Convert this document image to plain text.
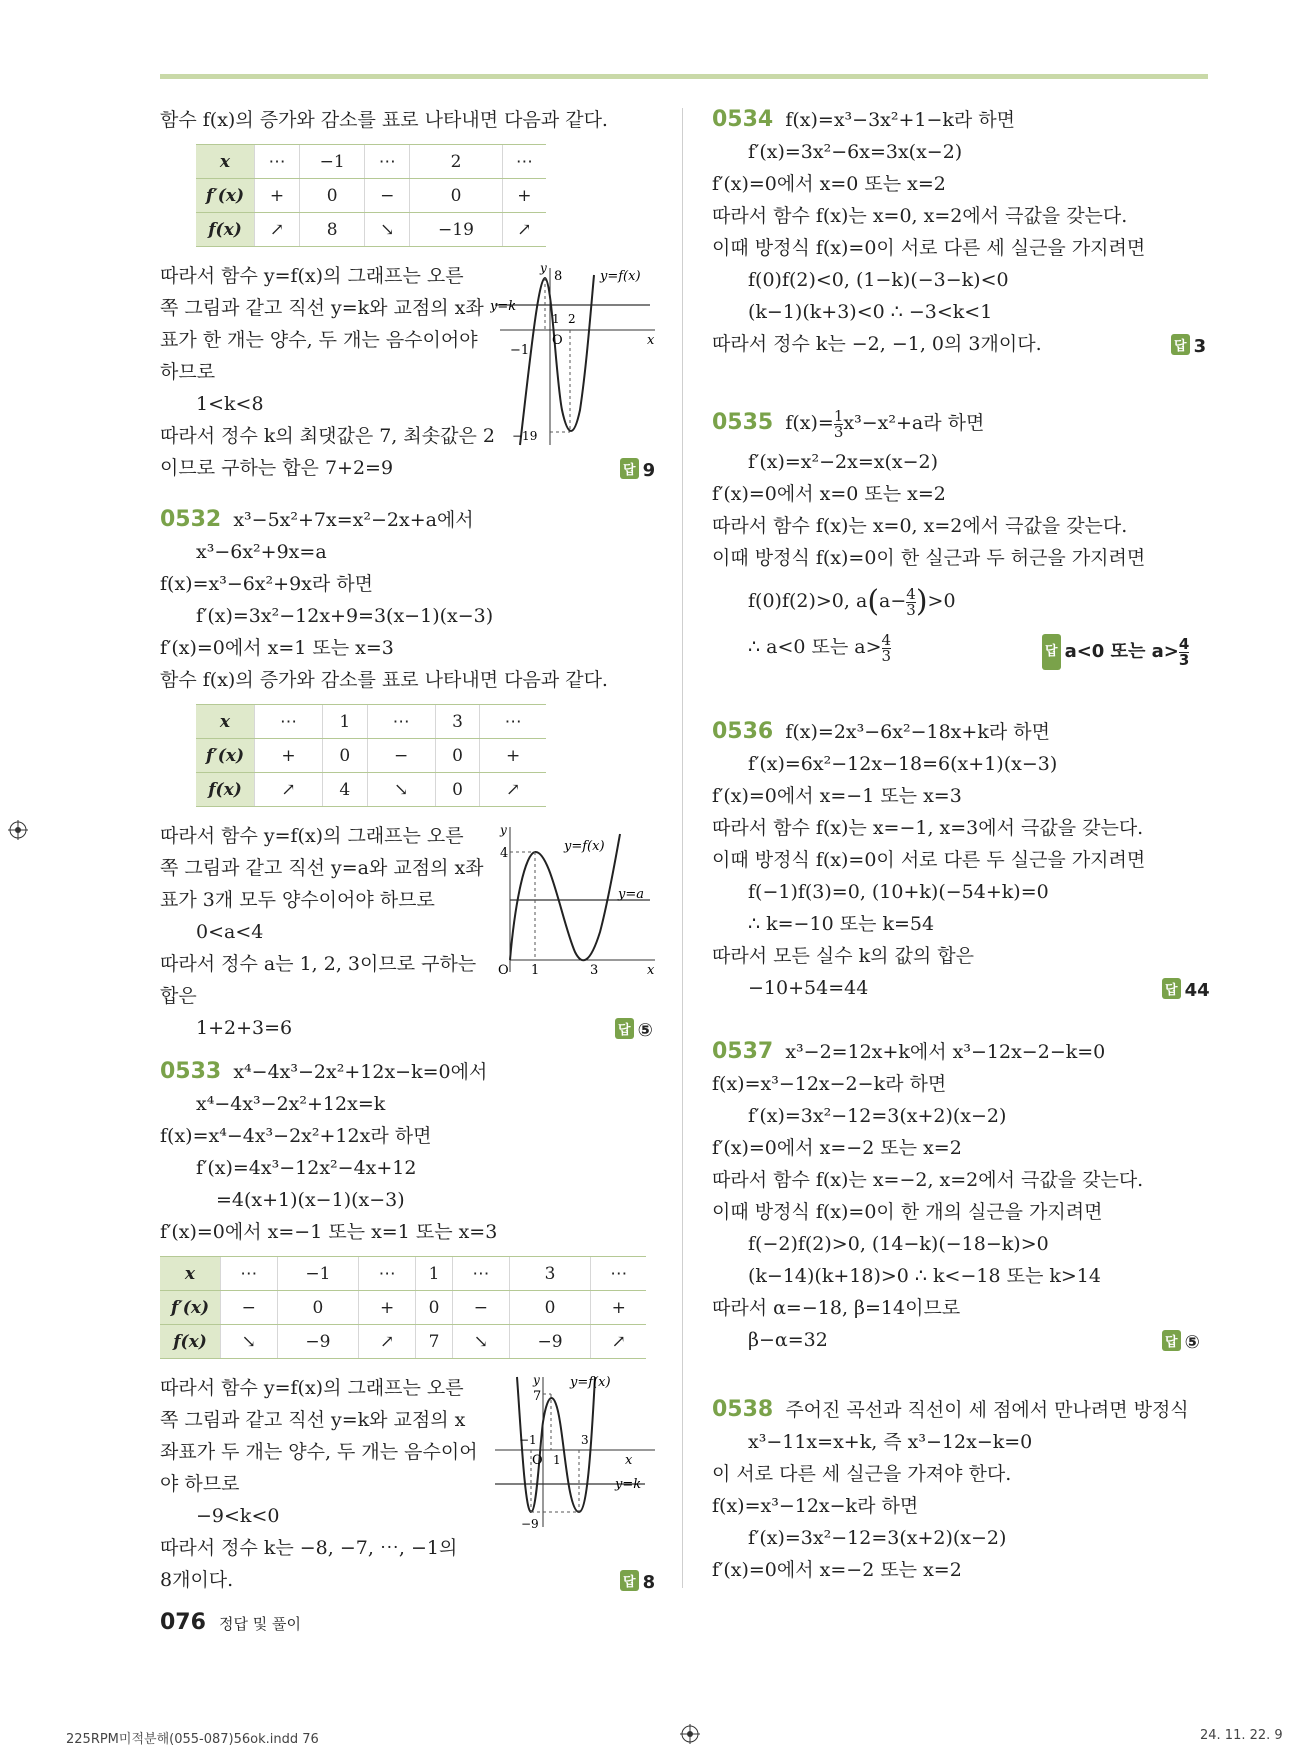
함수 f(x)의 증가와 감소를 표로 나타내면 다음과 같다.
x	⋯	−1	⋯	2	⋯
f′(x)	+	0	−	0	+
f(x)	↗	8	↘	−19	↗
따라서 함수 y=f(x)의 그래프는 오른
쪽 그림과 같고 직선 y=k와 교점의 x좌
표가 한 개는 양수, 두 개는 음수이어야
하므로
1<k<8
따라서 정수 k의 최댓값은 7, 최솟값은 2
이므로 구하는 합은 7+2=9	답 9
8	y=f(x)
y=k
1 2
O	x
y
−1
−19
0532 x³−5x²+7x=x²−2x+a에서
x³−6x²+9x=a
f(x)=x³−6x²+9x라 하면
f′(x)=3x²−12x+9=3(x−1)(x−3)
f′(x)=0에서 x=1 또는 x=3
함수 f(x)의 증가와 감소를 표로 나타내면 다음과 같다.
x	⋯	1	⋯	3	⋯
f′(x)	+	0	−	0	+
f(x)	↗	4	↘	0	↗
따라서 함수 y=f(x)의 그래프는 오른
쪽 그림과 같고 직선 y=a와 교점의 x좌
표가 3개 모두 양수이어야 하므로
0<a<4
따라서 정수 a는 1, 2, 3이므로 구하는
합은
1+2+3=6	답 ⑤
4
y
y=f(x)
y=a
O 1	3	x
0533 x⁴−4x³−2x²+12x−k=0에서
x⁴−4x³−2x²+12x=k
f(x)=x⁴−4x³−2x²+12x라 하면
f′(x)=4x³−12x²−4x+12
=4(x+1)(x−1)(x−3)
f′(x)=0에서 x=−1 또는 x=1 또는 x=3
x	⋯	−1	⋯	1	⋯	3	⋯
f′(x)	−	0	+	0	−	0	+
f(x)	↘	−9	↗	7	↘	−9	↗
따라서 함수 y=f(x)의 그래프는 오른
쪽 그림과 같고 직선 y=k와 교점의 x
좌표가 두 개는 양수, 두 개는 음수이어
야 하므로
−9<k<0
따라서 정수 k는 −8, −7, ⋯, −1의
8개이다.	답 8
y y=f(x)
7
−1
O 1
3
x
y=k
−9
0534 f(x)=x³−3x²+1−k라 하면
f′(x)=3x²−6x=3x(x−2)
f′(x)=0에서 x=0 또는 x=2
따라서 함수 f(x)는 x=0, x=2에서 극값을 갖는다.
이때 방정식 f(x)=0이 서로 다른 세 실근을 가지려면
f(0)f(2)<0, (1−k)(−3−k)<0
(k−1)(k+3)<0 ∴ −3<k<1
따라서 정수 k는 −2, −1, 0의 3개이다.	답 3
0535 $f(x)= \frac{1}{3} x^3-x^2+a$라 하면
f′(x)=x²−2x=x(x−2)
f′(x)=0에서 x=0 또는 x=2
따라서 함수 f(x)는 x=0, x=2에서 극값을 갖는다.
이때 방정식 f(x)=0이 한 실근과 두 허근을 가지려면
f(0)f(2)>0, $a(a- \frac{4}{3} )>0$
∴ a<0 또는 $a> \frac{4}{3}$	답 a<0 또는 $a> \frac{4}{3}$
0536 f(x)=2x³−6x²−18x+k라 하면
f′(x)=6x²−12x−18=6(x+1)(x−3)
f′(x)=0에서 x=−1 또는 x=3
따라서 함수 f(x)는 x=−1, x=3에서 극값을 갖는다.
이때 방정식 f(x)=0이 서로 다른 두 실근을 가지려면
f(−1)f(3)=0, (10+k)(−54+k)=0
∴ k=−10 또는 k=54
따라서 모든 실수 k의 값의 합은
−10+54=44	답 44
0537 x³−2=12x+k에서 x³−12x−2−k=0
f(x)=x³−12x−2−k라 하면
f′(x)=3x²−12=3(x+2)(x−2)
f′(x)=0에서 x=−2 또는 x=2
따라서 함수 f(x)는 x=−2, x=2에서 극값을 갖는다.
이때 방정식 f(x)=0이 한 개의 실근을 가지려면
f(−2)f(2)>0, (14−k)(−18−k)>0
(k−14)(k+18)>0 ∴ k<−18 또는 k>14
따라서 α=−18, β=14이므로
β−α=32	답 ⑤
0538 주어진 곡선과 직선이 세 점에서 만나려면 방정식
x³−11x=x+k, 즉 x³−12x−k=0
이 서로 다른 세 실근을 가져야 한다.
f(x)=x³−12x−k라 하면
f′(x)=3x²−12=3(x+2)(x−2)
f′(x)=0에서 x=−2 또는 x=2
076 정답 및 풀이
225RPM미적분해(055-087)56ok.indd 76	24. 11. 22. 9
